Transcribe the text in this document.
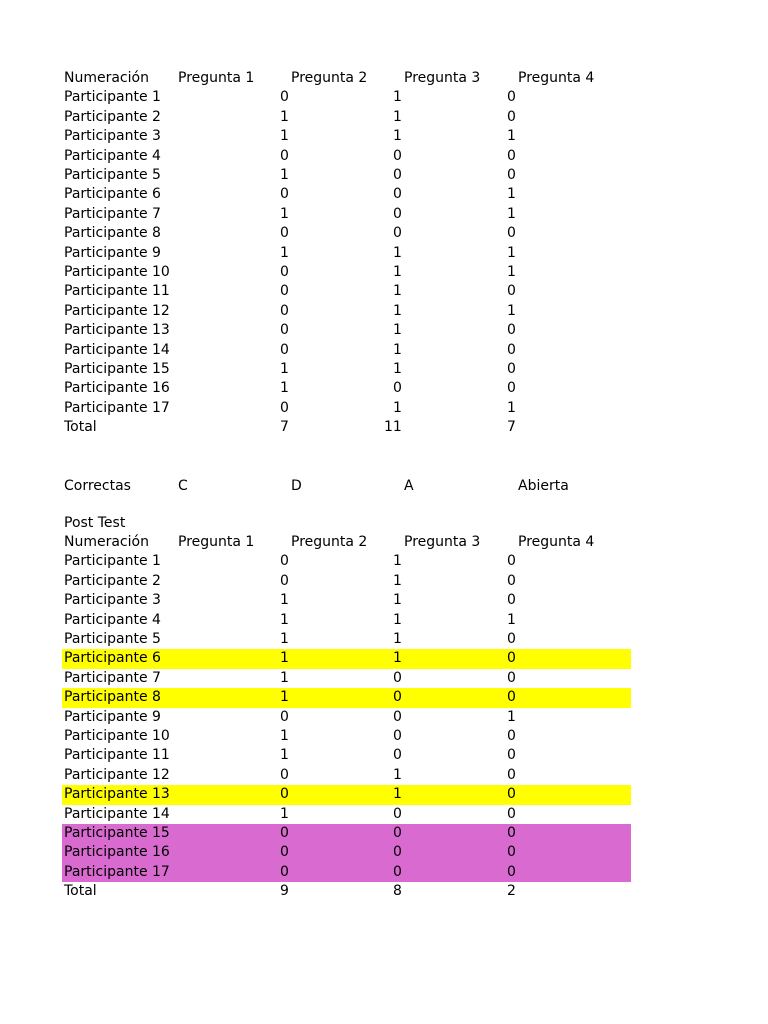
Numeración Pregunta 1	Pregunta 2	Pregunta 3	Pregunta 4
Participante 1	0	1	0
Participante 2	1	1	0
Participante 3	1	1	1
Participante 4	0	0	0
Participante 5	1	0	0
Participante 6	0	0	1
Participante 7	1	0	1
Participante 8	0	0	0
Participante 9	1	1	1
Participante 10	0	1	1
Participante 11	0	1	0
Participante 12	0	1	1
Participante 13	0	1	0
Participante 14	0	1	0
Participante 15	1	1	0
Participante 16	1	0	0
Participante 17	0	1	1
Total	7	11	7
Correctas	C	D	A	Abierta
Post Test
Numeración Pregunta 1	Pregunta 2	Pregunta 3	Pregunta 4
Participante 1	0	1	0
Participante 2	0	1	0
Participante 3	1	1	0
Participante 4	1	1	1
Participante 5	1	1	0
Participante 6	1	1	0
Participante 7	1	0	0
Participante 8	1	0	0
Participante 9	0	0	1
Participante 10	1	0	0
Participante 11	1	0	0
Participante 12	0	1	0
Participante 13	0	1	0
Participante 14	1	0	0
Participante 15	0	0	0
Participante 16	0	0	0
Participante 17	0	0	0
Total	9	8	2
